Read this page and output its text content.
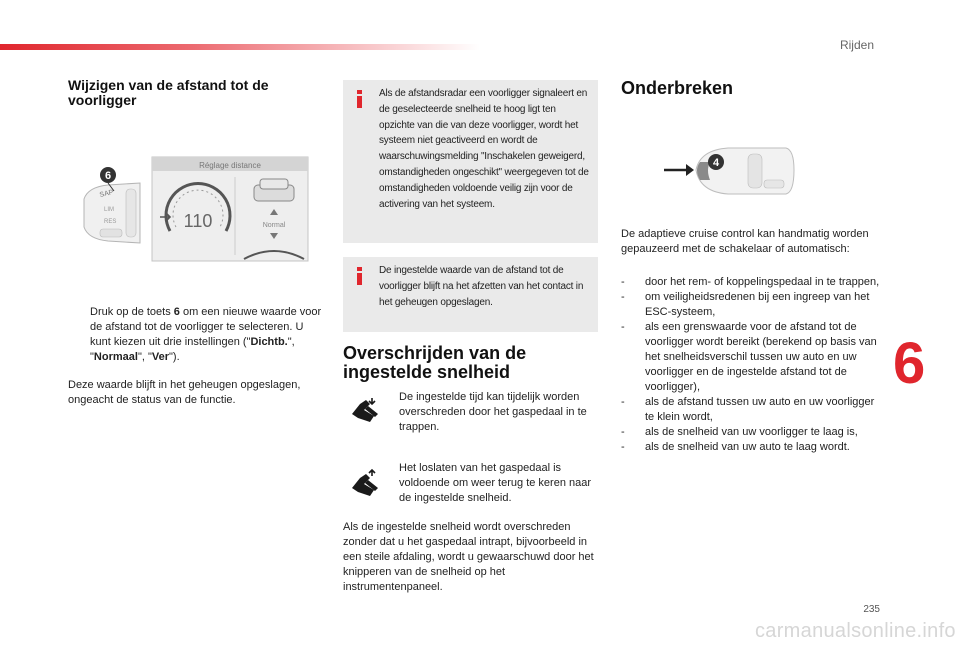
Rijden
Wijzigen van de afstand tot de voorligger
SAP
LIM
RES
6
Réglage distance
110	Normal
Druk op de toets 6 om een nieuwe waarde voor de afstand tot de voorligger te selecteren. U kunt kiezen uit drie instellingen ("Dichtb.", "Normaal", "Ver").

Deze waarde blijft in het geheugen opgeslagen, ongeacht de status van de functie.

Als de afstandsradar een voorligger signaleert en de geselecteerde snelheid te hoog ligt ten opzichte van die van deze voorligger, wordt het systeem niet geactiveerd en wordt de waarschuwingsmelding "Inschakelen geweigerd, omstandigheden ongeschikt" weergegeven tot de omstandigheden voldoende veilig zijn voor de activering van het systeem.

De ingestelde waarde van de afstand tot de voorligger blijft na het afzetten van het contact in het geheugen opgeslagen.

Overschrijden van de ingestelde snelheid

De ingestelde tijd kan tijdelijk worden overschreden door het gaspedaal in te trappen.

Het loslaten van het gaspedaal is voldoende om weer terug te keren naar de ingestelde snelheid.

Als de ingestelde snelheid wordt overschreden zonder dat u het gaspedaal intrapt, bijvoorbeeld in een steile afdaling, wordt u gewaarschuwd door het knipperen van de snelheid op het instrumentenpaneel.

Onderbreken
4

De adaptieve cruise control kan handmatig worden gepauzeerd met de schakelaar of automatisch:

- door het rem- of koppelingspedaal in te trappen,
- om veiligheidsredenen bij een ingreep van het ESC-systeem,
- als een grenswaarde voor de afstand tot de voorligger wordt bereikt (berekend op basis van het snelheidsverschil tussen uw auto en uw voorligger en de ingestelde afstand tot de voorligger),
- als de afstand tussen uw auto en uw voorligger te klein wordt,
- als de snelheid van uw voorligger te laag is,
- als de snelheid van uw auto te laag wordt.
6
235
carmanualsonline.info
